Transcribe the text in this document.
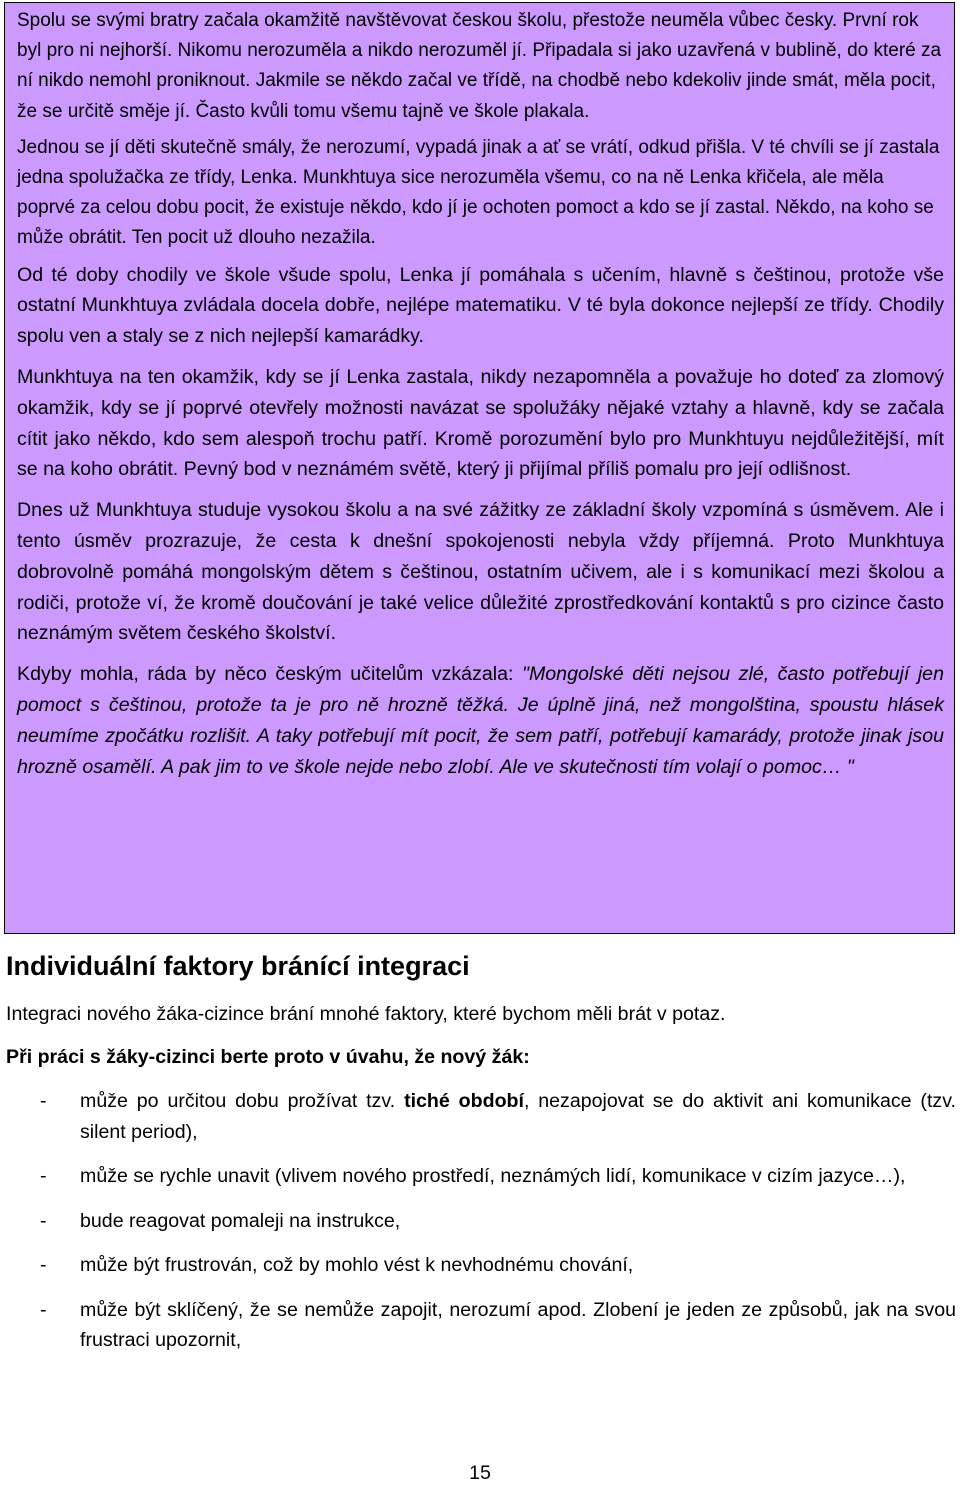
Spolu se svými bratry začala okamžitě navštěvovat českou školu, přestože neuměla vůbec česky. První rok byl pro ni nejhorší. Nikomu nerozuměla a nikdo nerozuměl jí. Připadala si jako uzavřená v bublině, do které za ní nikdo nemohl proniknout. Jakmile se někdo začal ve třídě, na chodbě nebo kdekoliv jinde smát, měla pocit, že se určitě směje jí. Často kvůli tomu všemu tajně ve škole plakala.

Jednou se jí děti skutečně smály, že nerozumí, vypadá jinak a ať se vrátí, odkud přišla. V té chvíli se jí zastala jedna spolužačka ze třídy, Lenka. Munkhtuya sice nerozuměla všemu, co na ně Lenka křičela, ale měla poprvé za celou dobu pocit, že existuje někdo, kdo jí je ochoten pomoct a kdo se jí zastal. Někdo, na koho se může obrátit. Ten pocit už dlouho nezažila.

Od té doby chodily ve škole všude spolu, Lenka jí pomáhala s učením, hlavně s češtinou, protože vše ostatní Munkhtuya zvládala docela dobře, nejlépe matematiku. V té byla dokonce nejlepší ze třídy. Chodily spolu ven a staly se z nich nejlepší kamarádky.

Munkhtuya na ten okamžik, kdy se jí Lenka zastala, nikdy nezapomněla a považuje ho doteď za zlomový okamžik, kdy se jí poprvé otevřely možnosti navázat se spolužáky nějaké vztahy a hlavně, kdy se začala cítit jako někdo, kdo sem alespoň trochu patří. Kromě porozumění bylo pro Munkhtuyu nejdůležitější, mít se na koho obrátit. Pevný bod v neznámém světě, který ji přijímal příliš pomalu pro její odlišnost.

Dnes už Munkhtuya studuje vysokou školu a na své zážitky ze základní školy vzpomíná s úsměvem. Ale i tento úsměv prozrazuje, že cesta k dnešní spokojenosti nebyla vždy příjemná. Proto Munkhtuya dobrovolně pomáhá mongolským dětem s češtinou, ostatním učivem, ale i s komunikací mezi školou a rodiči, protože ví, že kromě doučování je také velice důležité zprostředkování kontaktů s pro cizince často neznámým světem českého školství.

Kdyby mohla, ráda by něco českým učitelům vzkázala: "Mongolské děti nejsou zlé, často potřebují jen pomoct s češtinou, protože ta je pro ně hrozně těžká. Je úplně jiná, než mongolština, spoustu hlásek neumíme zpočátku rozlišit. A taky potřebují mít pocit, že sem patří, potřebují kamarády, protože jinak jsou hrozně osamělí. A pak jim to ve škole nejde nebo zlobí. Ale ve skutečnosti tím volají o pomoc… "

Individuální faktory bránící integraci

Integraci nového žáka-cizince brání mnohé faktory, které bychom měli brát v potaz.

Při práci s žáky-cizinci berte proto v úvahu, že nový žák:

- může po určitou dobu prožívat tzv. tiché období, nezapojovat se do aktivit ani komunikace (tzv. silent period),
- může se rychle unavit (vlivem nového prostředí, neznámých lidí, komunikace v cizím jazyce…),
- bude reagovat pomaleji na instrukce,
- může být frustrován, což by mohlo vést k nevhodnému chování,
- může být sklíčený, že se nemůže zapojit, nerozumí apod. Zlobení je jeden ze způsobů, jak na svou frustraci upozornit,
15
